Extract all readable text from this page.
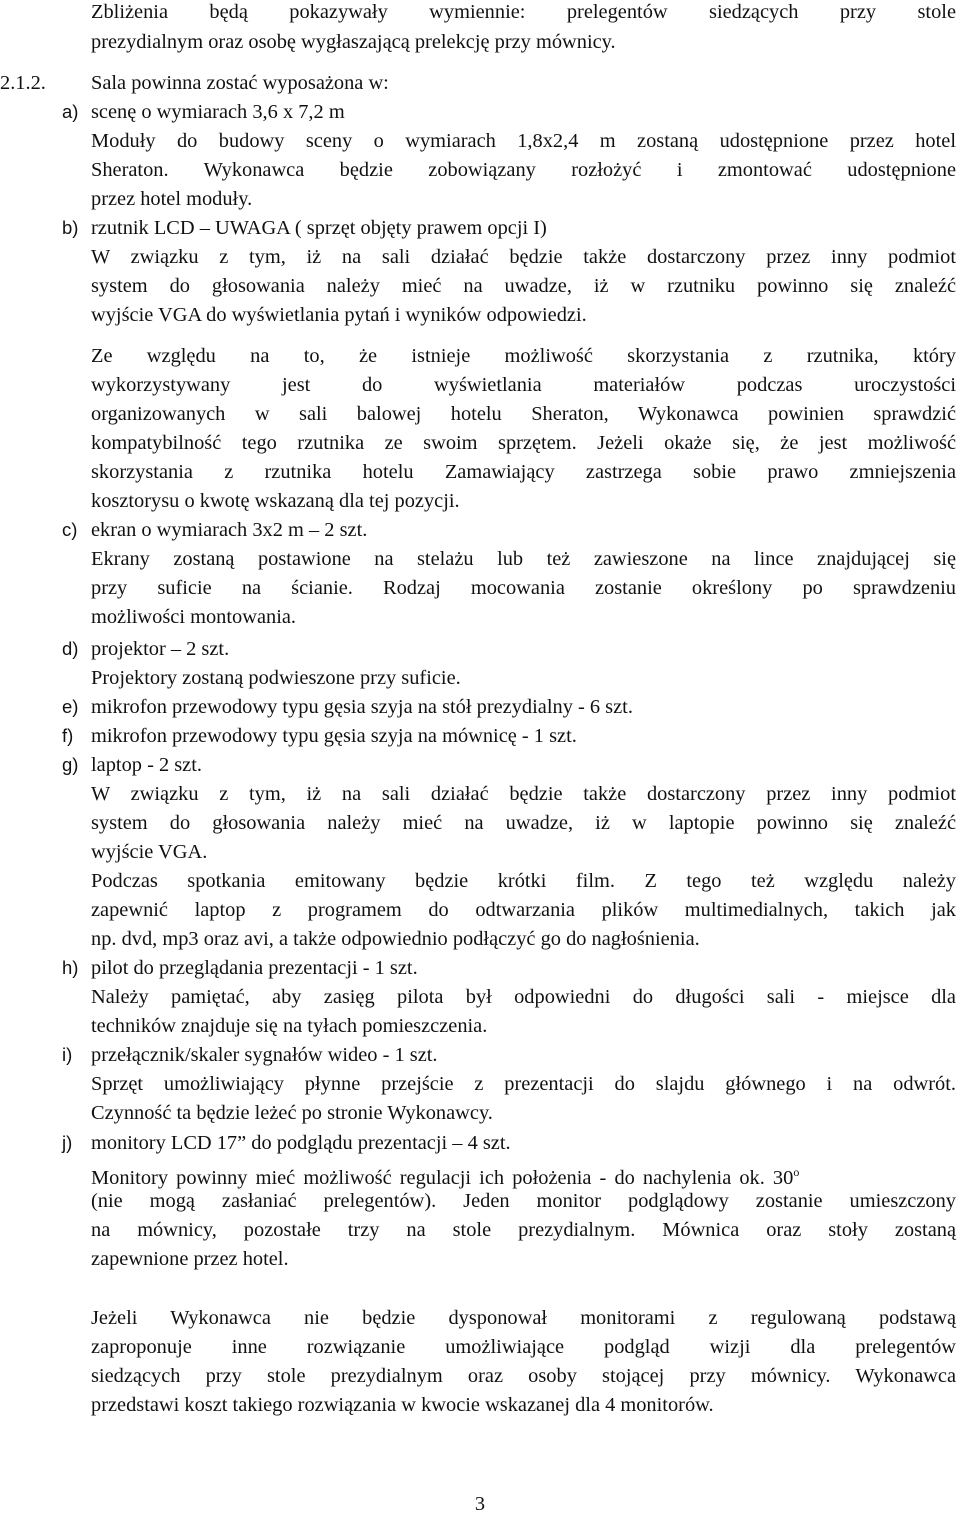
Zbliżenia będą pokazywały wymiennie: prelegentów siedzących przy stole
prezydialnym oraz osobę wygłaszającą prelekcję przy mównicy.
2.1.2. Sala powinna zostać wyposażona w:
a) scenę o wymiarach 3,6 x 7,2 m
Moduły do budowy sceny o wymiarach 1,8x2,4 m zostaną udostępnione przez hotel
Sheraton. Wykonawca będzie zobowiązany rozłożyć i zmontować udostępnione
przez hotel moduły.
b) rzutnik LCD – UWAGA ( sprzęt objęty prawem opcji I)
W związku z tym, iż na sali działać będzie także dostarczony przez inny podmiot
system do głosowania należy mieć na uwadze, iż w rzutniku powinno się znaleźć
wyjście VGA do wyświetlania pytań i wyników odpowiedzi.
Ze względu na to, że istnieje możliwość skorzystania z rzutnika, który
wykorzystywany jest do wyświetlania materiałów podczas uroczystości
organizowanych w sali balowej hotelu Sheraton, Wykonawca powinien sprawdzić
kompatybilność tego rzutnika ze swoim sprzętem. Jeżeli okaże się, że jest możliwość
skorzystania z rzutnika hotelu Zamawiający zastrzega sobie prawo zmniejszenia
kosztorysu o kwotę wskazaną dla tej pozycji.
c) ekran o wymiarach 3x2 m – 2 szt.
Ekrany zostaną postawione na stelażu lub też zawieszone na lince znajdującej się
przy suficie na ścianie. Rodzaj mocowania zostanie określony po sprawdzeniu
możliwości montowania.
d) projektor – 2 szt.
Projektory zostaną podwieszone przy suficie.
e) mikrofon przewodowy typu gęsia szyja na stół prezydialny - 6 szt.
f) mikrofon przewodowy typu gęsia szyja na mównicę - 1 szt.
g) laptop - 2 szt.
W związku z tym, iż na sali działać będzie także dostarczony przez inny podmiot
system do głosowania należy mieć na uwadze, iż w laptopie powinno się znaleźć
wyjście VGA.
Podczas spotkania emitowany będzie krótki film. Z tego też względu należy
zapewnić laptop z programem do odtwarzania plików multimedialnych, takich jak
np. dvd, mp3 oraz avi, a także odpowiednio podłączyć go do nagłośnienia.
h) pilot do przeglądania prezentacji - 1 szt.
Należy pamiętać, aby zasięg pilota był odpowiedni do długości sali - miejsce dla
techników znajduje się na tyłach pomieszczenia.
i) przełącznik/skaler sygnałów wideo - 1 szt.
Sprzęt umożliwiający płynne przejście z prezentacji do slajdu głównego i na odwrót.
Czynność ta będzie leżeć po stronie Wykonawcy.
j) monitory LCD 17” do podglądu prezentacji – 4 szt.
Monitory powinny mieć możliwość regulacji ich położenia - do nachylenia ok. 30$^o$
(nie mogą zasłaniać prelegentów). Jeden monitor podglądowy zostanie umieszczony
na mównicy, pozostałe trzy na stole prezydialnym. Mównica oraz stoły zostaną
zapewnione przez hotel.
Jeżeli Wykonawca nie będzie dysponował monitorami z regulowaną podstawą
zaproponuje inne rozwiązanie umożliwiające podgląd wizji dla prelegentów
siedzących przy stole prezydialnym oraz osoby stojącej przy mównicy. Wykonawca
przedstawi koszt takiego rozwiązania w kwocie wskazanej dla 4 monitorów.
3
